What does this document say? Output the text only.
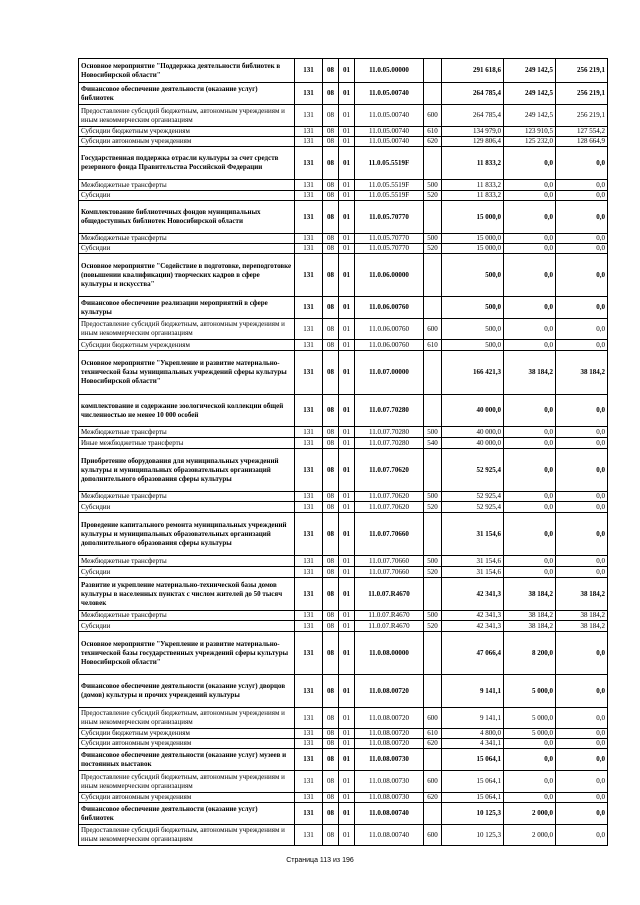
Основное мероприятие "Поддержка деятельности библиотек в Новосибирской области"	131	08	01	11.0.05.00000		291 618,6	249 142,5	256 219,1
Финансовое обеспечение деятельности (оказание услуг) библиотек	131	08	01	11.0.05.00740		264 785,4	249 142,5	256 219,1
Предоставление субсидий бюджетным, автономным учреждениям и иным некоммерческим организациям	131	08	01	11.0.05.00740	600	264 785,4	249 142,5	256 219,1
Субсидии бюджетным учреждениям	131	08	01	11.0.05.00740	610	134 979,0	123 910,5	127 554,2
Субсидии автономным учреждениям	131	08	01	11.0.05.00740	620	129 806,4	125 232,0	128 664,9
Государственная поддержка отрасли культуры за счет средств резервного фонда Правительства Российской Федерации	131	08	01	11.0.05.5519F		11 833,2	0,0	0,0
Межбюджетные трансферты	131	08	01	11.0.05.5519F	500	11 833,2	0,0	0,0
Субсидии	131	08	01	11.0.05.5519F	520	11 833,2	0,0	0,0
Комплектование библиотечных фондов муниципальных общедоступных библиотек Новосибирской области	131	08	01	11.0.05.70770		15 000,0	0,0	0,0
Межбюджетные трансферты	131	08	01	11.0.05.70770	500	15 000,0	0,0	0,0
Субсидии	131	08	01	11.0.05.70770	520	15 000,0	0,0	0,0
Основное мероприятие "Содействие в подготовке, переподготовке (повышении квалификации) творческих кадров в сфере культуры и искусства"	131	08	01	11.0.06.00000		500,0	0,0	0,0
Финансовое обеспечение реализации мероприятий в сфере культуры	131	08	01	11.0.06.00760		500,0	0,0	0,0
Предоставление субсидий бюджетным, автономным учреждениям и иным некоммерческим организациям	131	08	01	11.0.06.00760	600	500,0	0,0	0,0
Субсидии бюджетным учреждениям	131	08	01	11.0.06.00760	610	500,0	0,0	0,0
Основное мероприятие "Укрепление и развитие материально-технической базы муниципальных учреждений сферы культуры Новосибирской области"	131	08	01	11.0.07.00000		166 421,3	38 184,2	38 184,2
комплектование и содержание зоологической коллекции общей численностью не менее 10 000 особей	131	08	01	11.0.07.70280		40 000,0	0,0	0,0
Межбюджетные трансферты	131	08	01	11.0.07.70280	500	40 000,0	0,0	0,0
Иные межбюджетные трансферты	131	08	01	11.0.07.70280	540	40 000,0	0,0	0,0
Приобретение оборудования для муниципальных учреждений культуры и муниципальных образовательных организаций дополнительного образования сферы культуры	131	08	01	11.0.07.70620		52 925,4	0,0	0,0
Межбюджетные трансферты	131	08	01	11.0.07.70620	500	52 925,4	0,0	0,0
Субсидии	131	08	01	11.0.07.70620	520	52 925,4	0,0	0,0
Проведение капитального ремонта муниципальных учреждений культуры и муниципальных образовательных организаций дополнительного образования сферы культуры	131	08	01	11.0.07.70660		31 154,6	0,0	0,0
Межбюджетные трансферты	131	08	01	11.0.07.70660	500	31 154,6	0,0	0,0
Субсидии	131	08	01	11.0.07.70660	520	31 154,6	0,0	0,0
Развитие и укрепление материально-технической базы домов культуры в населенных пунктах с числом жителей до 50 тысяч человек	131	08	01	11.0.07.R4670		42 341,3	38 184,2	38 184,2
Межбюджетные трансферты	131	08	01	11.0.07.R4670	500	42 341,3	38 184,2	38 184,2
Субсидии	131	08	01	11.0.07.R4670	520	42 341,3	38 184,2	38 184,2
Основное мероприятие "Укрепление и развитие материально-технической базы государственных учреждений сферы культуры Новосибирской области"	131	08	01	11.0.08.00000		47 066,4	8 200,0	0,0
Финансовое обеспечение деятельности (оказание услуг) дворцов (домов) культуры и прочих учреждений культуры	131	08	01	11.0.08.00720		9 141,1	5 000,0	0,0
Предоставление субсидий бюджетным, автономным учреждениям и иным некоммерческим организациям	131	08	01	11.0.08.00720	600	9 141,1	5 000,0	0,0
Субсидии бюджетным учреждениям	131	08	01	11.0.08.00720	610	4 800,0	5 000,0	0,0
Субсидии автономным учреждениям	131	08	01	11.0.08.00720	620	4 341,1	0,0	0,0
Финансовое обеспечение деятельности (оказание услуг) музеев и постоянных выставок	131	08	01	11.0.08.00730		15 064,1	0,0	0,0
Предоставление субсидий бюджетным, автономным учреждениям и иным некоммерческим организациям	131	08	01	11.0.08.00730	600	15 064,1	0,0	0,0
Субсидии автономным учреждениям	131	08	01	11.0.08.00730	620	15 064,1	0,0	0,0
Финансовое обеспечение деятельности (оказание услуг) библиотек	131	08	01	11.0.08.00740		10 125,3	2 000,0	0,0
Предоставление субсидий бюджетным, автономным учреждениям и иным некоммерческим организациям	131	08	01	11.0.08.00740	600	10 125,3	2 000,0	0,0
Страница 113 из 196
